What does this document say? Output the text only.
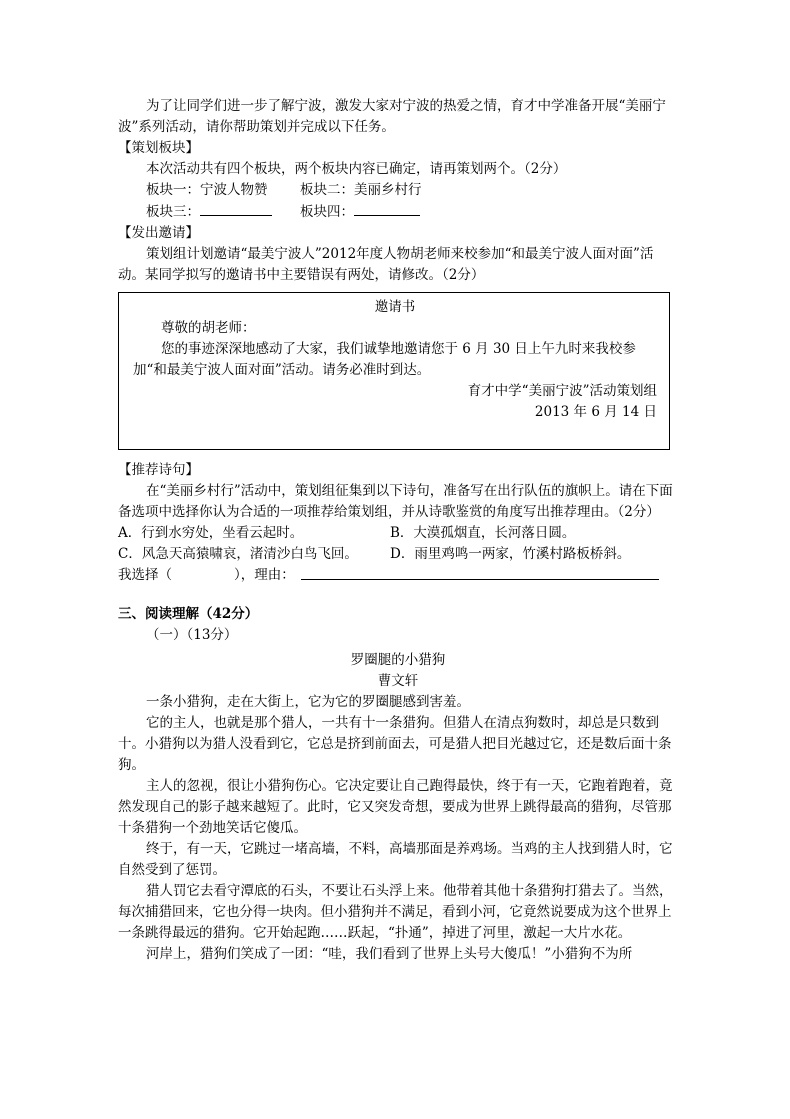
为了让同学们进一步了解宁波，激发大家对宁波的热爱之情，育才中学准备开展“美丽宁波”系列活动，请你帮助策划并完成以下任务。

【策划板块】

本次活动共有四个板块，两个板块内容已确定，请再策划两个。（2分）

板块一：宁波人物赞	板块二：美丽乡村行
板块三：	板块四：

【发出邀请】

策划组计划邀请“最美宁波人”2012年度人物胡老师来校参加“和最美宁波人面对面”活动。某同学拟写的邀请书中主要错误有两处，请修改。（2分）

邀请书

尊敬的胡老师：

您的事迹深深地感动了大家，我们诚挚地邀请您于 6 月 30 日上午九时来我校参加“和最美宁波人面对面”活动。请务必准时到达。

育才中学“美丽宁波”活动策划组

2013 年 6 月 14 日

【推荐诗句】

在“美丽乡村行”活动中，策划组征集到以下诗句，准备写在出行队伍的旗帜上。请在下面备选项中选择你认为合适的一项推荐给策划组，并从诗歌鉴赏的角度写出推荐理由。（2分）

A．行到水穷处，坐看云起时。	B．大漠孤烟直，长河落日圆。
C．风急天高猿啸哀，渚清沙白鸟飞回。	D．雨里鸡鸣一两家，竹溪村路板桥斜。
我选择（	），理由：

三、阅读理解（42分）

（一）（13分）

罗圈腿的小猎狗

曹文轩

一条小猎狗，走在大街上，它为它的罗圈腿感到害羞。

它的主人，也就是那个猎人，一共有十一条猎狗。但猎人在清点狗数时，却总是只数到十。小猎狗以为猎人没看到它，它总是挤到前面去，可是猎人把目光越过它，还是数后面十条狗。

主人的忽视，很让小猎狗伤心。它决定要让自己跑得最快，终于有一天，它跑着跑着，竟然发现自己的影子越来越短了。此时，它又突发奇想，要成为世界上跳得最高的猎狗，尽管那十条猎狗一个劲地笑话它傻瓜。

终于，有一天，它跳过一堵高墙，不料，高墙那面是养鸡场。当鸡的主人找到猎人时，它自然受到了惩罚。

猎人罚它去看守潭底的石头，不要让石头浮上来。他带着其他十条猎狗打猎去了。当然，每次捕猎回来，它也分得一块肉。但小猎狗并不满足，看到小河，它竟然说要成为这个世界上一条跳得最远的猎狗。它开始起跑……跃起，“扑通”，掉进了河里，激起一大片水花。

河岸上，猎狗们笑成了一团：“哇，我们看到了世界上头号大傻瓜！”小猎狗不为所
